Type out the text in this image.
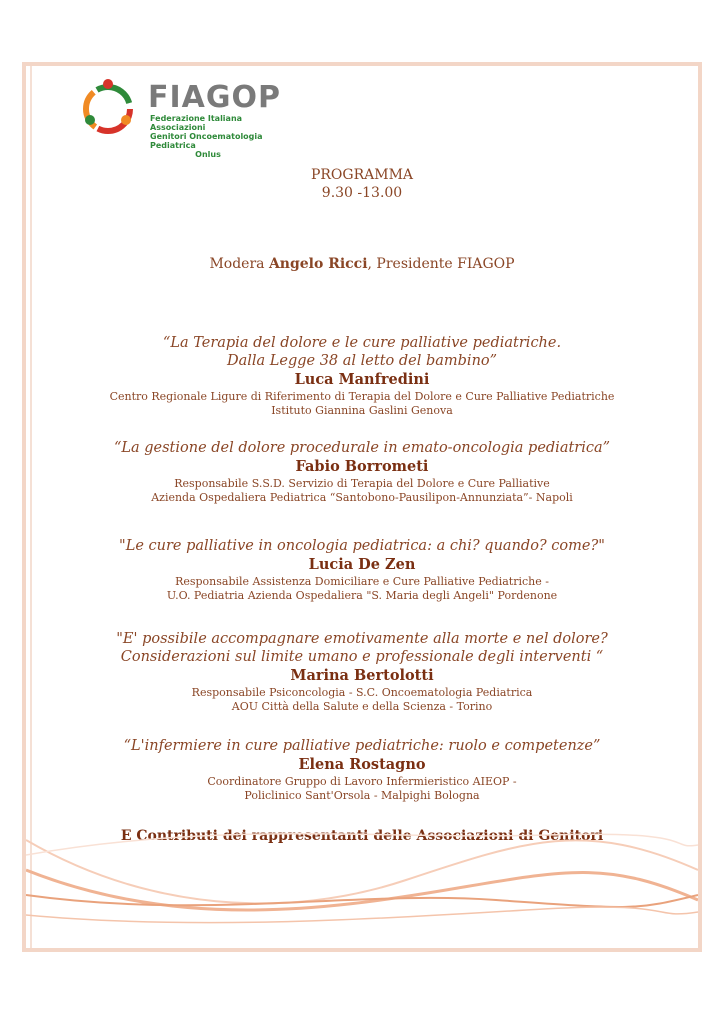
FIAGOP
Federazione Italiana Associazioni
Genitori Oncoematologia Pediatrica

Onlus
PROGRAMMA
9.30 -13.00
Modera Angelo Ricci, Presidente FIAGOP
“La Terapia del dolore e le cure palliative pediatriche.
Dalla Legge 38 al letto del bambino”
Luca Manfredini
Centro Regionale Ligure di Riferimento di Terapia del Dolore e Cure Palliative Pediatriche
Istituto Giannina Gaslini Genova
“La gestione del dolore procedurale in emato-oncologia pediatrica”
Fabio Borrometi
Responsabile S.S.D. Servizio di Terapia del Dolore e Cure Palliative
Azienda Ospedaliera Pediatrica “Santobono-Pausilipon-Annunziata”- Napoli
"Le cure palliative in oncologia pediatrica: a chi? quando? come?"
Lucia De Zen
Responsabile Assistenza Domiciliare e Cure Palliative Pediatriche -
U.O. Pediatria Azienda Ospedaliera "S. Maria degli Angeli" Pordenone
"E' possibile accompagnare emotivamente alla morte e nel dolore?
Considerazioni sul limite umano e professionale degli interventi “
Marina Bertolotti
Responsabile Psiconcologia - S.C. Oncoematologia Pediatrica
AOU Città della Salute e della Scienza - Torino
“L'infermiere in cure palliative pediatriche: ruolo e competenze”
Elena Rostagno
Coordinatore Gruppo di Lavoro Infermieristico AIEOP -
Policlinico Sant'Orsola - Malpighi Bologna
E Contributi dei rappresentanti delle Associazioni di Genitori
